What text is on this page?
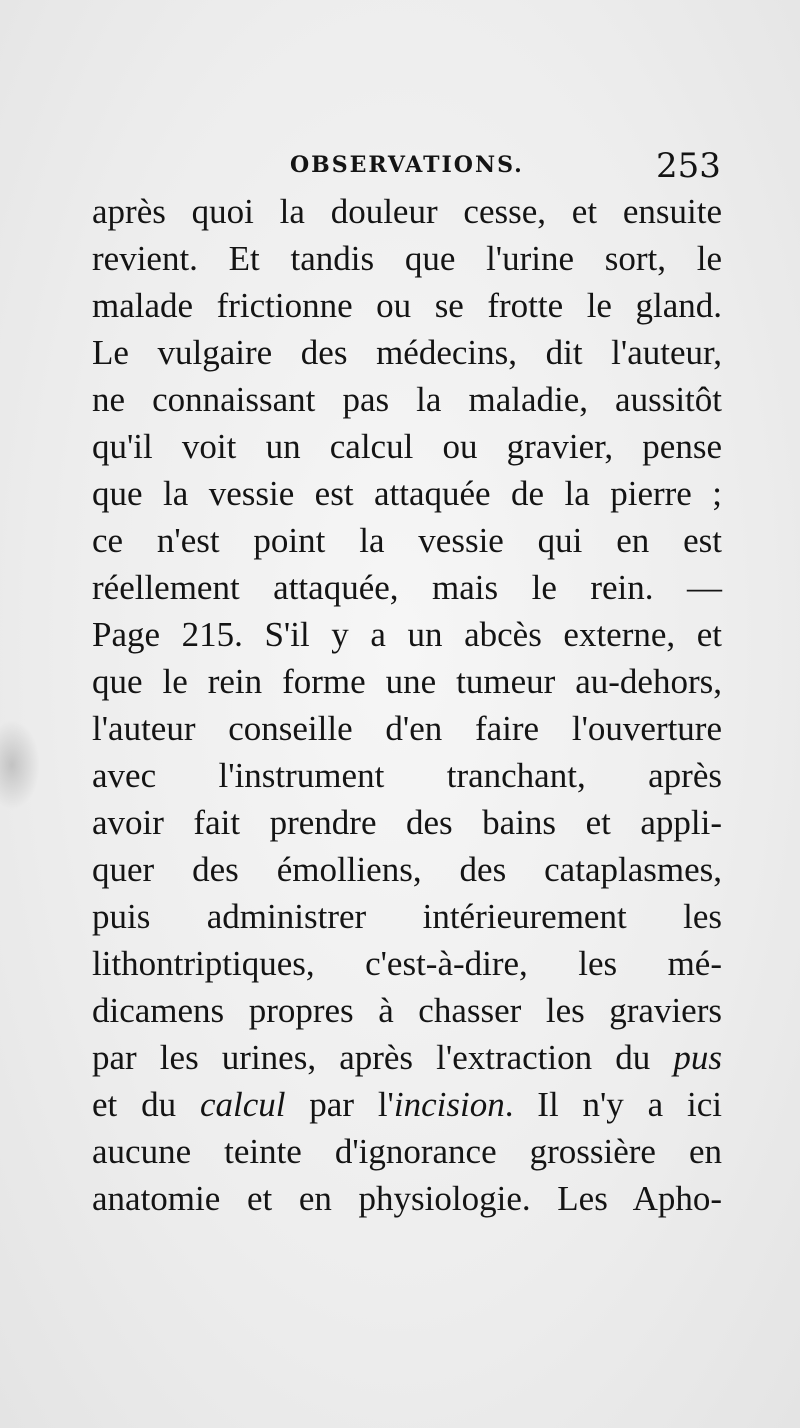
OBSERVATIONS.	253
après quoi la douleur cesse, et ensuite
revient. Et tandis que l'urine sort, le
malade frictionne ou se frotte le gland.
Le vulgaire des médecins, dit l'auteur,
ne connaissant pas la maladie, aussitôt
qu'il voit un calcul ou gravier, pense
que la vessie est attaquée de la pierre ;
ce n'est point la vessie qui en est
réellement attaquée, mais le rein. —
Page 215. S'il y a un abcès externe, et
que le rein forme une tumeur au-dehors,
l'auteur conseille d'en faire l'ouverture
avec l'instrument tranchant, après
avoir fait prendre des bains et appli-
quer des émolliens, des cataplasmes,
puis administrer intérieurement les
lithontriptiques, c'est-à-dire, les mé-
dicamens propres à chasser les graviers
par les urines, après l'extraction du pus
et du calcul par l'incision. Il n'y a ici
aucune teinte d'ignorance grossière en
anatomie et en physiologie. Les Apho-
